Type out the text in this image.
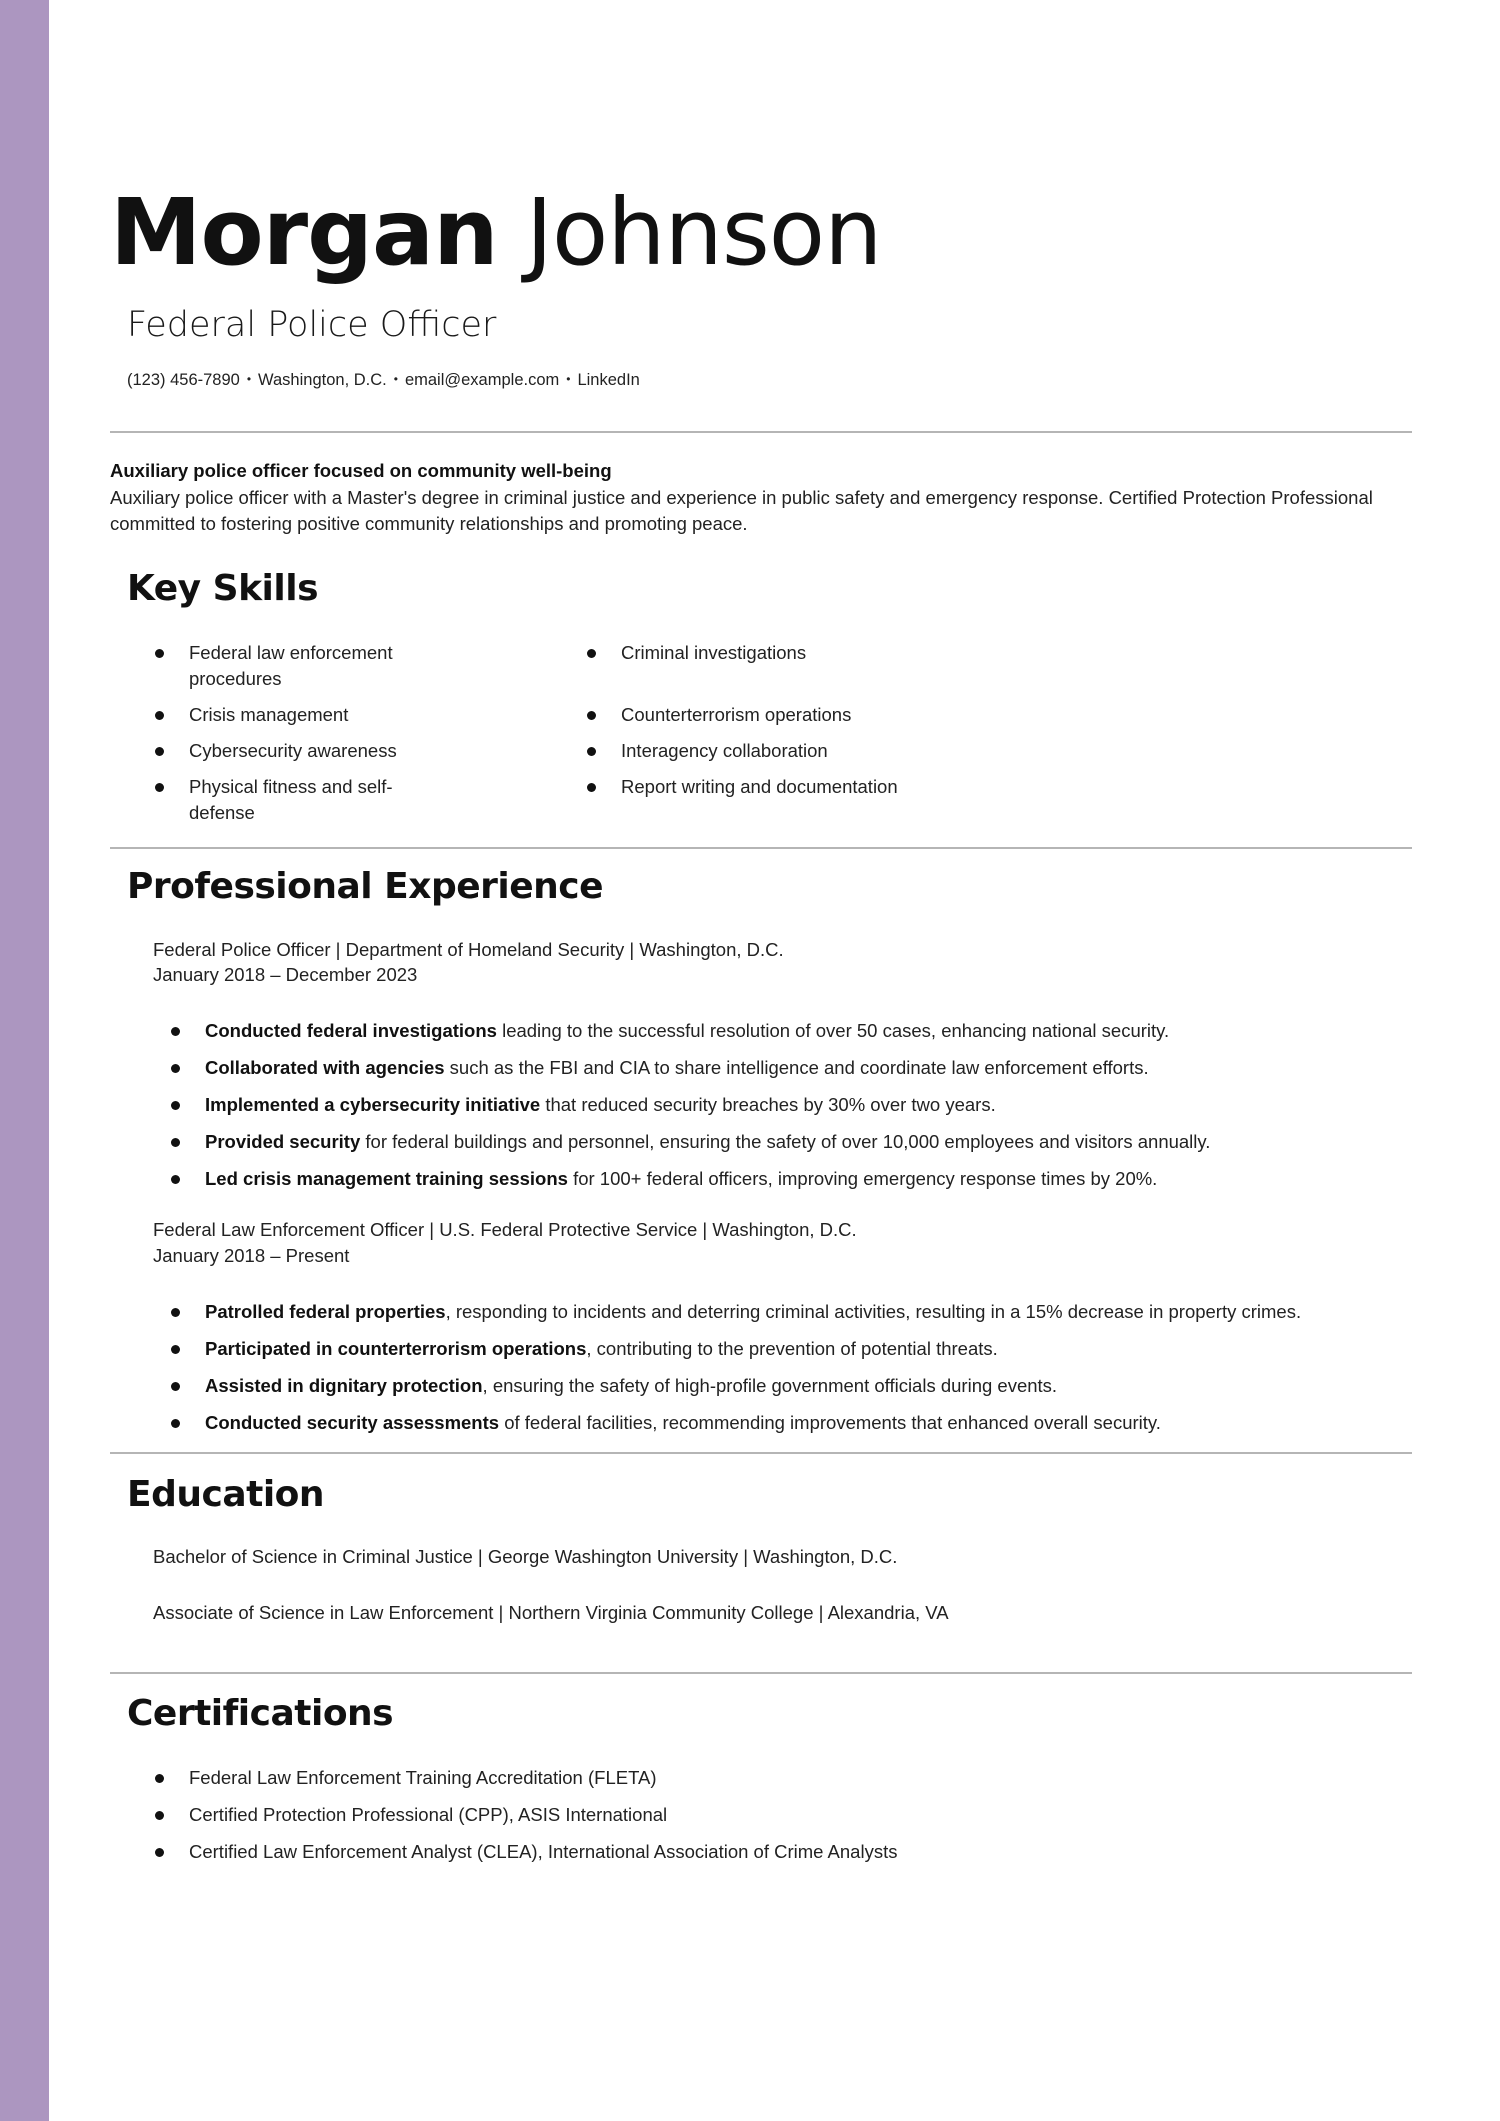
Morgan Johnson
Federal Police Officer
(123) 456-7890 • Washington, D.C. • email@example.com • LinkedIn
Auxiliary police officer focused on community well-being
Auxiliary police officer with a Master's degree in criminal justice and experience in public safety and emergency response. Certified Protection Professional committed to fostering positive community relationships and promoting peace.
Key Skills
Federal law enforcement procedures
Crisis management
Cybersecurity awareness
Physical fitness and self-defense
Criminal investigations
Counterterrorism operations
Interagency collaboration
Report writing and documentation
Professional Experience
Federal Police Officer | Department of Homeland Security | Washington, D.C.
January 2018 – December 2023
Conducted federal investigations leading to the successful resolution of over 50 cases, enhancing national security.
Collaborated with agencies such as the FBI and CIA to share intelligence and coordinate law enforcement efforts.
Implemented a cybersecurity initiative that reduced security breaches by 30% over two years.
Provided security for federal buildings and personnel, ensuring the safety of over 10,000 employees and visitors annually.
Led crisis management training sessions for 100+ federal officers, improving emergency response times by 20%.
Federal Law Enforcement Officer | U.S. Federal Protective Service | Washington, D.C.
January 2018 – Present
Patrolled federal properties, responding to incidents and deterring criminal activities, resulting in a 15% decrease in property crimes.
Participated in counterterrorism operations, contributing to the prevention of potential threats.
Assisted in dignitary protection, ensuring the safety of high-profile government officials during events.
Conducted security assessments of federal facilities, recommending improvements that enhanced overall security.
Education
Bachelor of Science in Criminal Justice | George Washington University | Washington, D.C.
Associate of Science in Law Enforcement | Northern Virginia Community College | Alexandria, VA
Certifications
Federal Law Enforcement Training Accreditation (FLETA)
Certified Protection Professional (CPP), ASIS International
Certified Law Enforcement Analyst (CLEA), International Association of Crime Analysts
